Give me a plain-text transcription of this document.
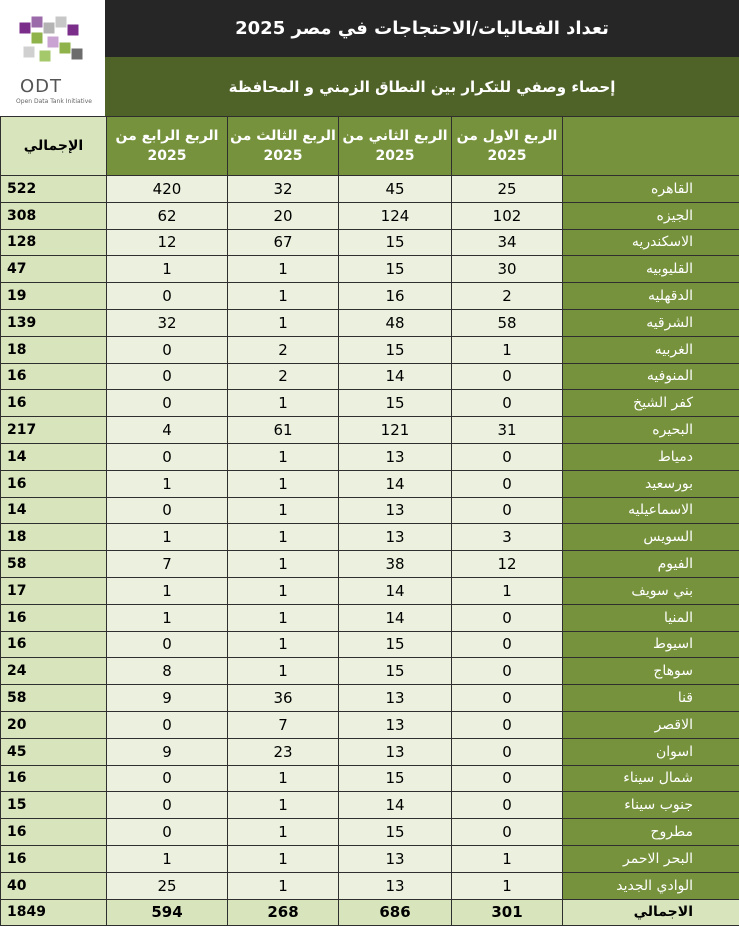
ODT
Open Data Tank Initiative
تعداد الفعاليات/الاحتجاجات في مصر 2025
إحصاء وصفي للتكرار بين النطاق الزمني و المحافظة
الإجمالي	الربع الرابع من 2025	الربع الثالث من 2025	الربع الثاني من 2025	الربع الاول من 2025	
522	420	32	45	25	القاهره
308	62	20	124	102	الجيزه
128	12	67	15	34	الاسكندريه
47	1	1	15	30	القليوبيه
19	0	1	16	2	الدقهليه
139	32	1	48	58	الشرقيه
18	0	2	15	1	الغربيه
16	0	2	14	0	المنوفيه
16	0	1	15	0	كفر الشيخ
217	4	61	121	31	البحيره
14	0	1	13	0	دمياط
16	1	1	14	0	بورسعيد
14	0	1	13	0	الاسماعيليه
18	1	1	13	3	السويس
58	7	1	38	12	الفيوم
17	1	1	14	1	بني سويف
16	1	1	14	0	المنيا
16	0	1	15	0	اسيوط
24	8	1	15	0	سوهاج
58	9	36	13	0	قنا
20	0	7	13	0	الاقصر
45	9	23	13	0	اسوان
16	0	1	15	0	شمال سيناء
15	0	1	14	0	جنوب سيناء
16	0	1	15	0	مطروح
16	1	1	13	1	البحر الاحمر
40	25	1	13	1	الوادي الجديد
1849	594	268	686	301	الاجمالي
